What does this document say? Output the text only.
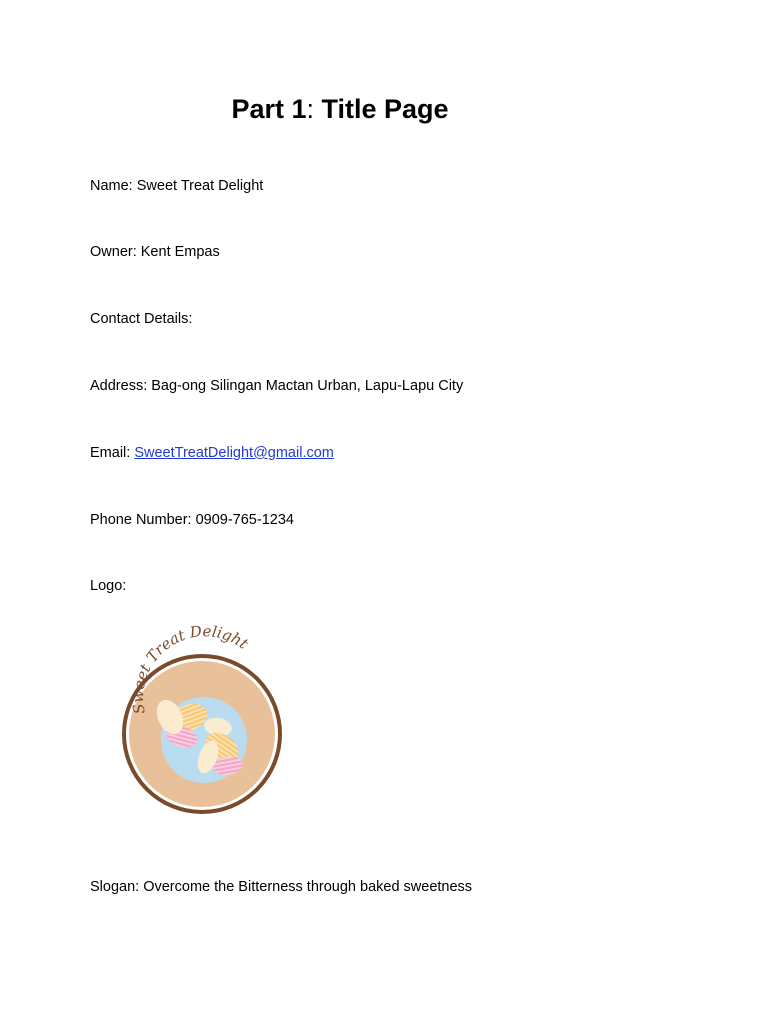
Part 1: Title Page
Name: Sweet Treat Delight
Owner: Kent Empas
Contact Details:
Address: Bag-ong Silingan Mactan Urban, Lapu-Lapu City
Email: SweetTreatDelight@gmail.com
Phone Number: 0909-765-1234
Logo:
Sweet Treat Delight
Slogan: Overcome the Bitterness through baked sweetness
